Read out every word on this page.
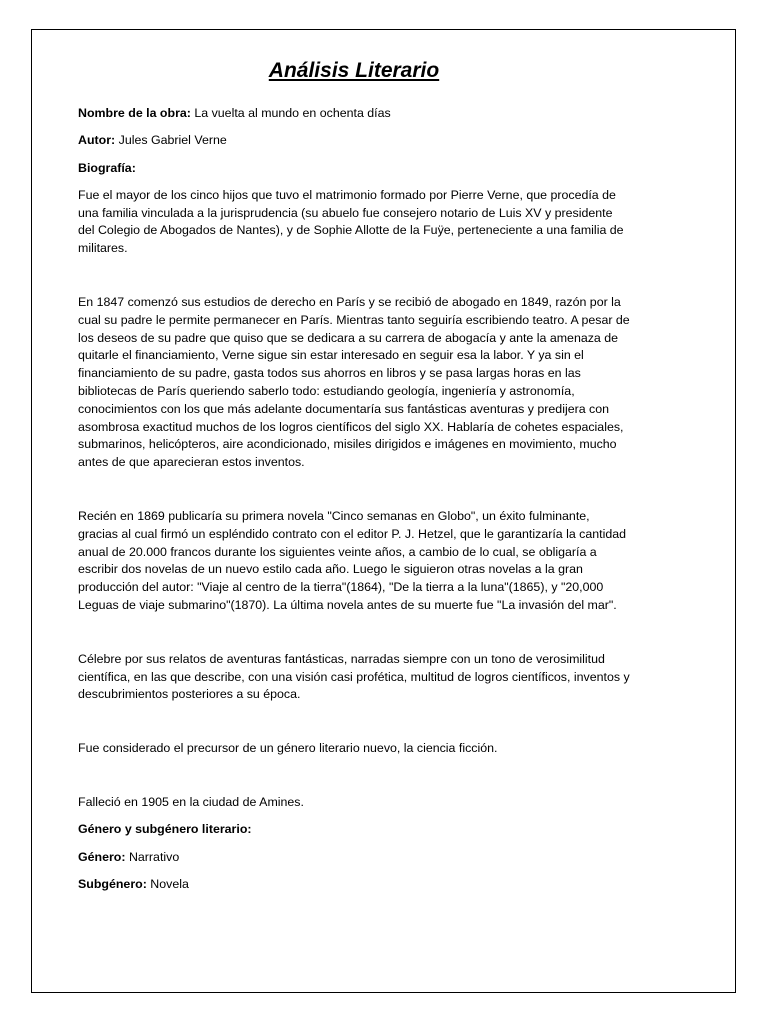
Análisis Literario
Nombre de la obra: La vuelta al mundo en ochenta días
Autor: Jules Gabriel Verne
Biografía:
Fue el mayor de los cinco hijos que tuvo el matrimonio formado por Pierre Verne, que procedía de una familia vinculada a la jurisprudencia (su abuelo fue consejero notario de Luis XV y presidente del Colegio de Abogados de Nantes), y de Sophie Allotte de la Fuÿe, perteneciente a una familia de militares.
En 1847 comenzó sus estudios de derecho en París y se recibió de abogado en 1849, razón por la cual su padre le permite permanecer en París. Mientras tanto seguiría escribiendo teatro. A pesar de los deseos de su padre que quiso que se dedicara a su carrera de abogacía y ante la amenaza de quitarle el financiamiento, Verne sigue sin estar interesado en seguir esa la labor. Y ya sin el financiamiento de su padre, gasta todos sus ahorros en libros y se pasa largas horas en las bibliotecas de París queriendo saberlo todo: estudiando geología, ingeniería y astronomía, conocimientos con los que más adelante documentaría sus fantásticas aventuras y predijera con asombrosa exactitud muchos de los logros científicos del siglo XX. Hablaría de cohetes espaciales, submarinos, helicópteros, aire acondicionado, misiles dirigidos e imágenes en movimiento, mucho antes de que aparecieran estos inventos.
Recién en 1869 publicaría su primera novela "Cinco semanas en Globo", un éxito fulminante, gracias al cual firmó un espléndido contrato con el editor P. J. Hetzel, que le garantizaría la cantidad anual de 20.000 francos durante los siguientes veinte años, a cambio de lo cual, se obligaría a escribir dos novelas de un nuevo estilo cada año. Luego le siguieron otras novelas a la gran producción del autor: "Viaje al centro de la tierra"(1864), "De la tierra a la luna"(1865), y "20,000 Leguas de viaje submarino"(1870). La última novela antes de su muerte fue "La invasión del mar".
Célebre por sus relatos de aventuras fantásticas, narradas siempre con un tono de verosimilitud científica, en las que describe, con una visión casi profética, multitud de logros científicos, inventos y descubrimientos posteriores a su época.
Fue considerado el precursor de un género literario nuevo, la ciencia ficción.
Falleció en 1905 en la ciudad de Amines.
Género y subgénero literario:
Género: Narrativo
Subgénero: Novela
